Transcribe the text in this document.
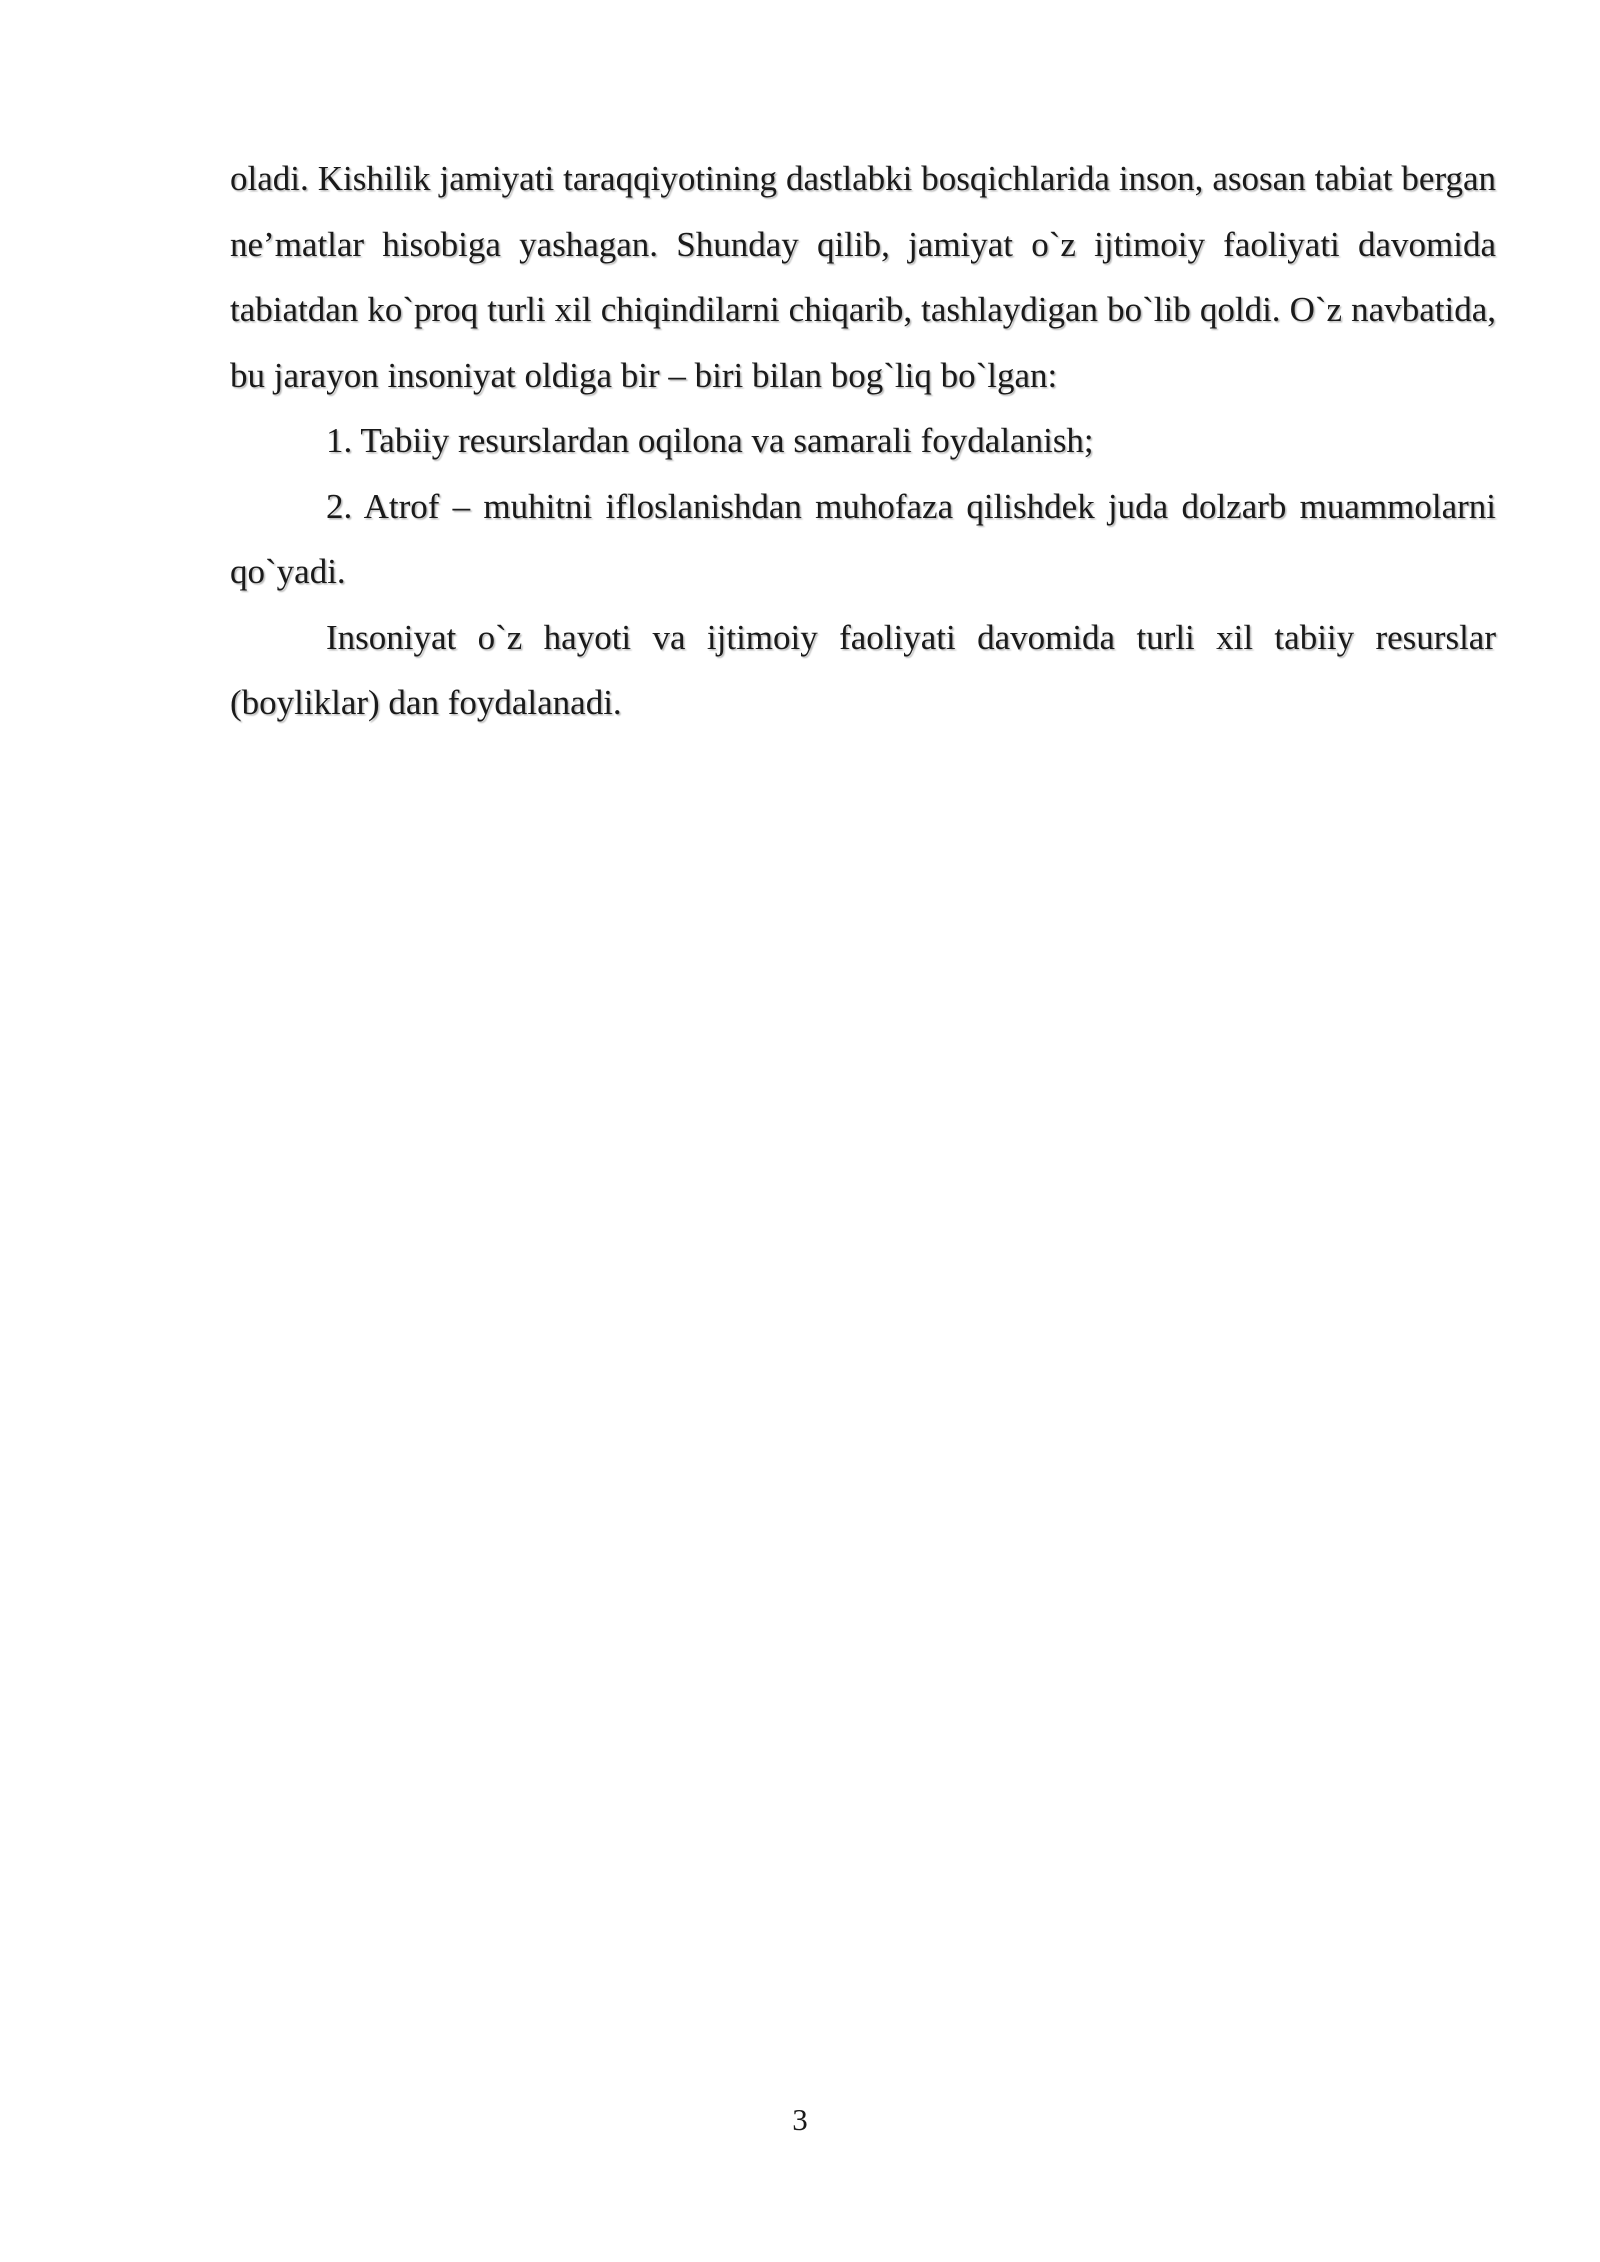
oladi. Kishilik jamiyati taraqqiyotining dastlabki bosqichlarida inson, asosan tabiat bergan ne’matlar hisobiga yashagan. Shunday qilib, jamiyat o`z ijtimoiy faoliyati davomida tabiatdan ko`proq turli xil chiqindilarni chiqarib, tashlaydigan bo`lib qoldi. O`z navbatida, bu jarayon insoniyat oldiga bir – biri bilan bog`liq bo`lgan:

1. Tabiiy resurslardan oqilona va samarali foydalanish;

2. Atrof – muhitni ifloslanishdan muhofaza qilishdek juda dolzarb muammolarni qo`yadi.

Insoniyat o`z hayoti va ijtimoiy faoliyati davomida turli xil tabiiy resurslar (boyliklar) dan foydalanadi.

3
